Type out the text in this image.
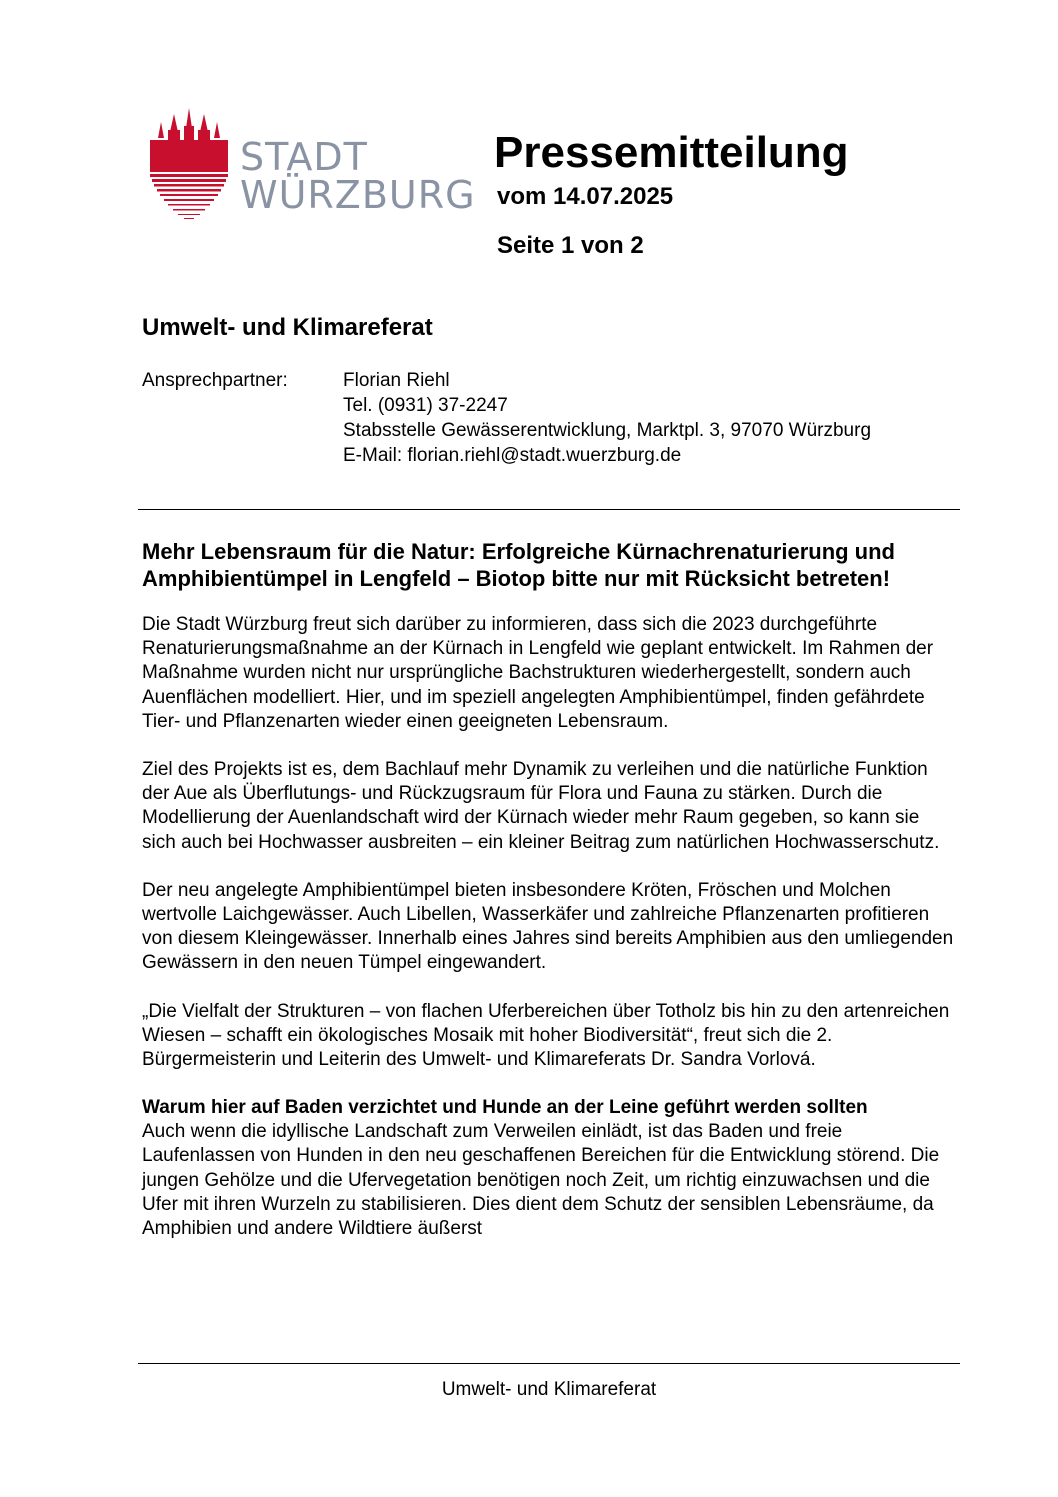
STADT
WÜRZBURG
Pressemitteilung
vom 14.07.2025
Seite 1 von 2
Umwelt- und Klimareferat
Ansprechpartner:	Florian Riehl
Tel. (0931) 37-2247
Stabsstelle Gewässerentwicklung, Marktpl. 3, 97070 Würzburg
E-Mail: florian.riehl@stadt.wuerzburg.de
Mehr Lebensraum für die Natur: Erfolgreiche Kürnachrenaturierung und Amphibientümpel in Lengfeld – Biotop bitte nur mit Rücksicht betreten!

Die Stadt Würzburg freut sich darüber zu informieren, dass sich die 2023 durchgeführte Renaturierungsmaßnahme an der Kürnach in Lengfeld wie geplant entwickelt. Im Rahmen der Maßnahme wurden nicht nur ursprüngliche Bachstrukturen wiederhergestellt, sondern auch Auenflächen modelliert. Hier, und im speziell angelegten Amphibientümpel, finden gefährdete Tier- und Pflanzenarten wieder einen geeigneten Lebensraum.

Ziel des Projekts ist es, dem Bachlauf mehr Dynamik zu verleihen und die natürliche Funktion der Aue als Überflutungs- und Rückzugsraum für Flora und Fauna zu stärken. Durch die Modellierung der Auenlandschaft wird der Kürnach wieder mehr Raum gegeben, so kann sie sich auch bei Hochwasser ausbreiten – ein kleiner Beitrag zum natürlichen Hochwasserschutz.

Der neu angelegte Amphibientümpel bieten insbesondere Kröten, Fröschen und Molchen wertvolle Laichgewässer. Auch Libellen, Wasserkäfer und zahlreiche Pflanzenarten profitieren von diesem Kleingewässer. Innerhalb eines Jahres sind bereits Amphibien aus den umliegenden Gewässern in den neuen Tümpel eingewandert.

„Die Vielfalt der Strukturen – von flachen Uferbereichen über Totholz bis hin zu den artenreichen Wiesen – schafft ein ökologisches Mosaik mit hoher Biodiversität“, freut sich die 2. Bürgermeisterin und Leiterin des Umwelt- und Klimareferats Dr. Sandra Vorlová.

Warum hier auf Baden verzichtet und Hunde an der Leine geführt werden sollten

Auch wenn die idyllische Landschaft zum Verweilen einlädt, ist das Baden und freie Laufenlassen von Hunden in den neu geschaffenen Bereichen für die Entwicklung störend. Die jungen Gehölze und die Ufervegetation benötigen noch Zeit, um richtig einzuwachsen und die Ufer mit ihren Wurzeln zu stabilisieren. Dies dient dem Schutz der sensiblen Lebensräume, da Amphibien und andere Wildtiere äußerst

Umwelt- und Klimareferat
